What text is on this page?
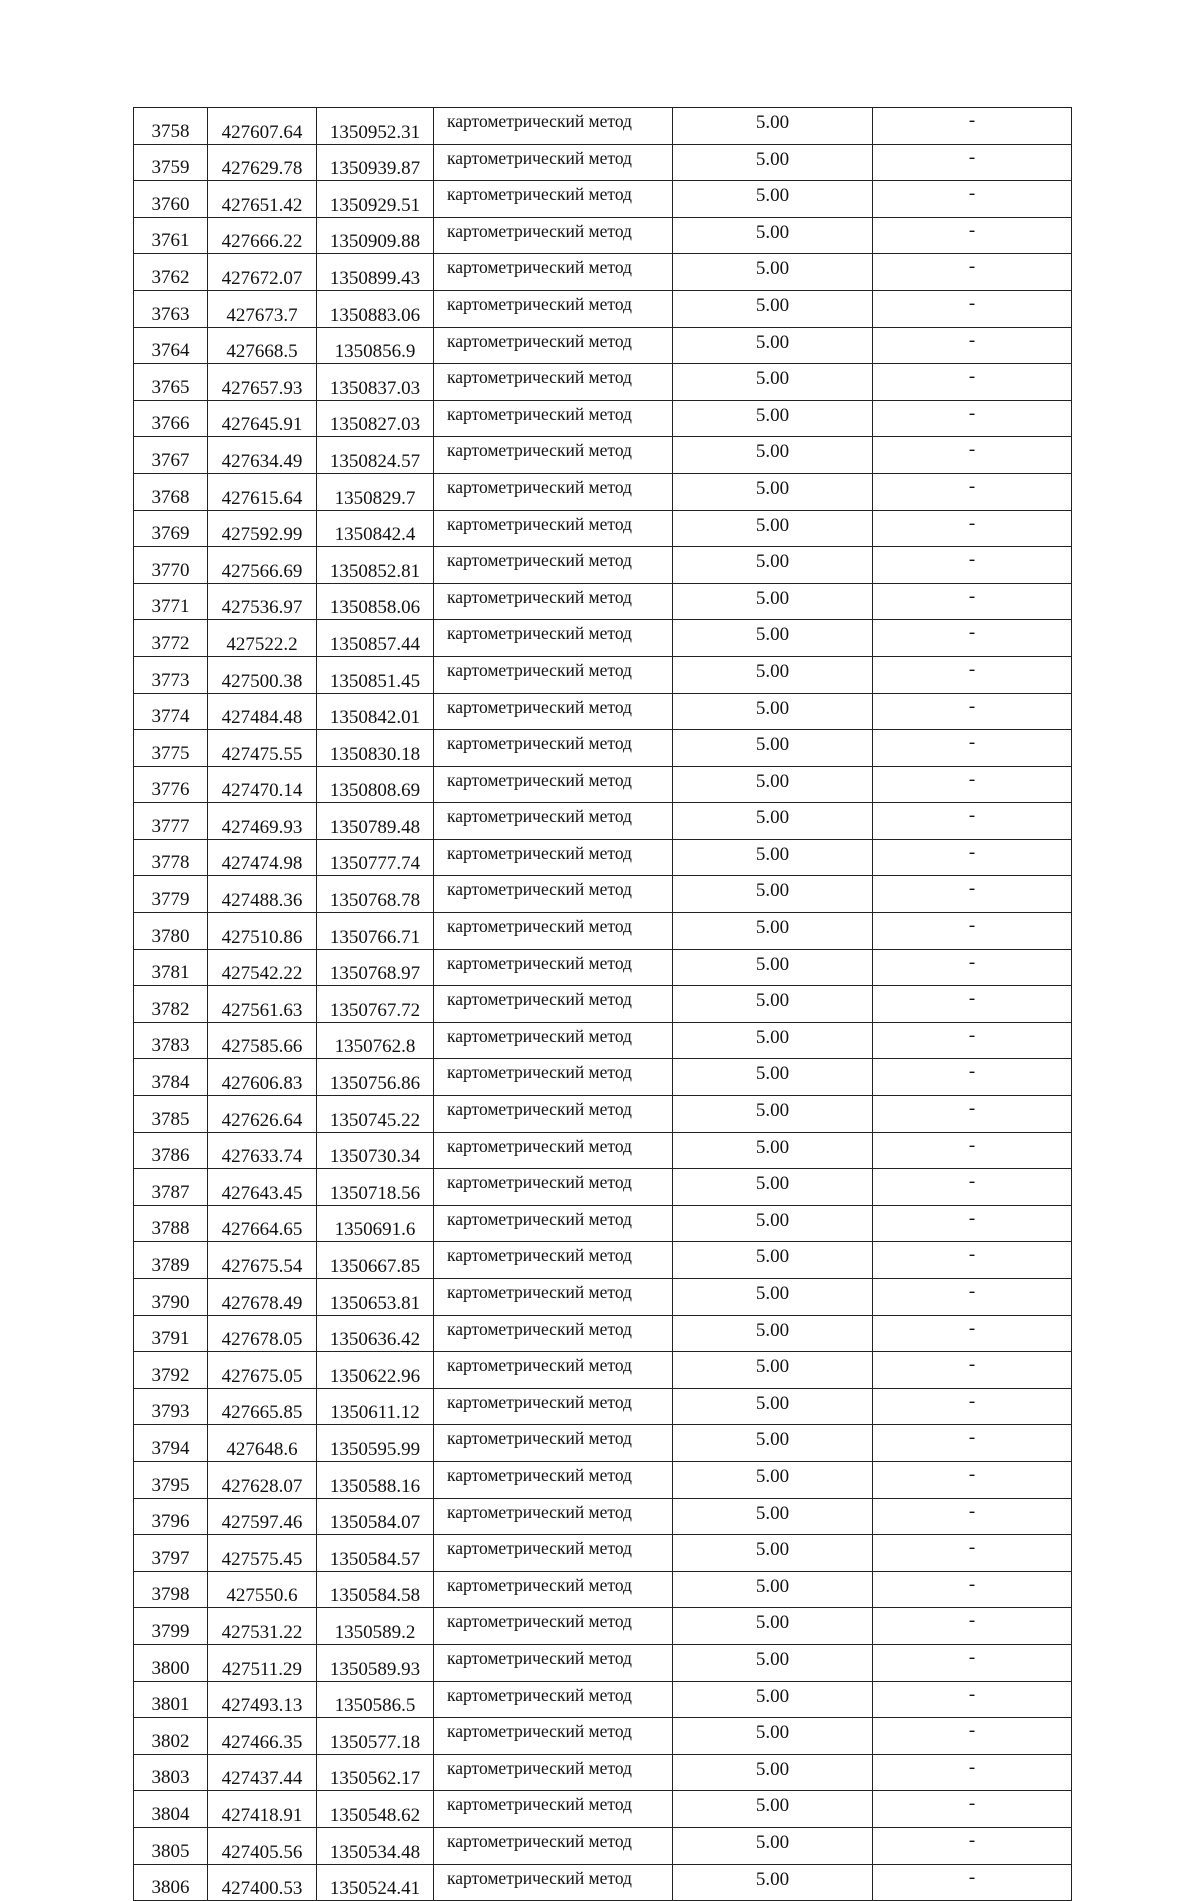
3758	427607.64	1350952.31	картометрический метод	5.00	-
3759	427629.78	1350939.87	картометрический метод	5.00	-
3760	427651.42	1350929.51	картометрический метод	5.00	-
3761	427666.22	1350909.88	картометрический метод	5.00	-
3762	427672.07	1350899.43	картометрический метод	5.00	-
3763	427673.7	1350883.06	картометрический метод	5.00	-
3764	427668.5	1350856.9	картометрический метод	5.00	-
3765	427657.93	1350837.03	картометрический метод	5.00	-
3766	427645.91	1350827.03	картометрический метод	5.00	-
3767	427634.49	1350824.57	картометрический метод	5.00	-
3768	427615.64	1350829.7	картометрический метод	5.00	-
3769	427592.99	1350842.4	картометрический метод	5.00	-
3770	427566.69	1350852.81	картометрический метод	5.00	-
3771	427536.97	1350858.06	картометрический метод	5.00	-
3772	427522.2	1350857.44	картометрический метод	5.00	-
3773	427500.38	1350851.45	картометрический метод	5.00	-
3774	427484.48	1350842.01	картометрический метод	5.00	-
3775	427475.55	1350830.18	картометрический метод	5.00	-
3776	427470.14	1350808.69	картометрический метод	5.00	-
3777	427469.93	1350789.48	картометрический метод	5.00	-
3778	427474.98	1350777.74	картометрический метод	5.00	-
3779	427488.36	1350768.78	картометрический метод	5.00	-
3780	427510.86	1350766.71	картометрический метод	5.00	-
3781	427542.22	1350768.97	картометрический метод	5.00	-
3782	427561.63	1350767.72	картометрический метод	5.00	-
3783	427585.66	1350762.8	картометрический метод	5.00	-
3784	427606.83	1350756.86	картометрический метод	5.00	-
3785	427626.64	1350745.22	картометрический метод	5.00	-
3786	427633.74	1350730.34	картометрический метод	5.00	-
3787	427643.45	1350718.56	картометрический метод	5.00	-
3788	427664.65	1350691.6	картометрический метод	5.00	-
3789	427675.54	1350667.85	картометрический метод	5.00	-
3790	427678.49	1350653.81	картометрический метод	5.00	-
3791	427678.05	1350636.42	картометрический метод	5.00	-
3792	427675.05	1350622.96	картометрический метод	5.00	-
3793	427665.85	1350611.12	картометрический метод	5.00	-
3794	427648.6	1350595.99	картометрический метод	5.00	-
3795	427628.07	1350588.16	картометрический метод	5.00	-
3796	427597.46	1350584.07	картометрический метод	5.00	-
3797	427575.45	1350584.57	картометрический метод	5.00	-
3798	427550.6	1350584.58	картометрический метод	5.00	-
3799	427531.22	1350589.2	картометрический метод	5.00	-
3800	427511.29	1350589.93	картометрический метод	5.00	-
3801	427493.13	1350586.5	картометрический метод	5.00	-
3802	427466.35	1350577.18	картометрический метод	5.00	-
3803	427437.44	1350562.17	картометрический метод	5.00	-
3804	427418.91	1350548.62	картометрический метод	5.00	-
3805	427405.56	1350534.48	картометрический метод	5.00	-
3806	427400.53	1350524.41	картометрический метод	5.00	-
